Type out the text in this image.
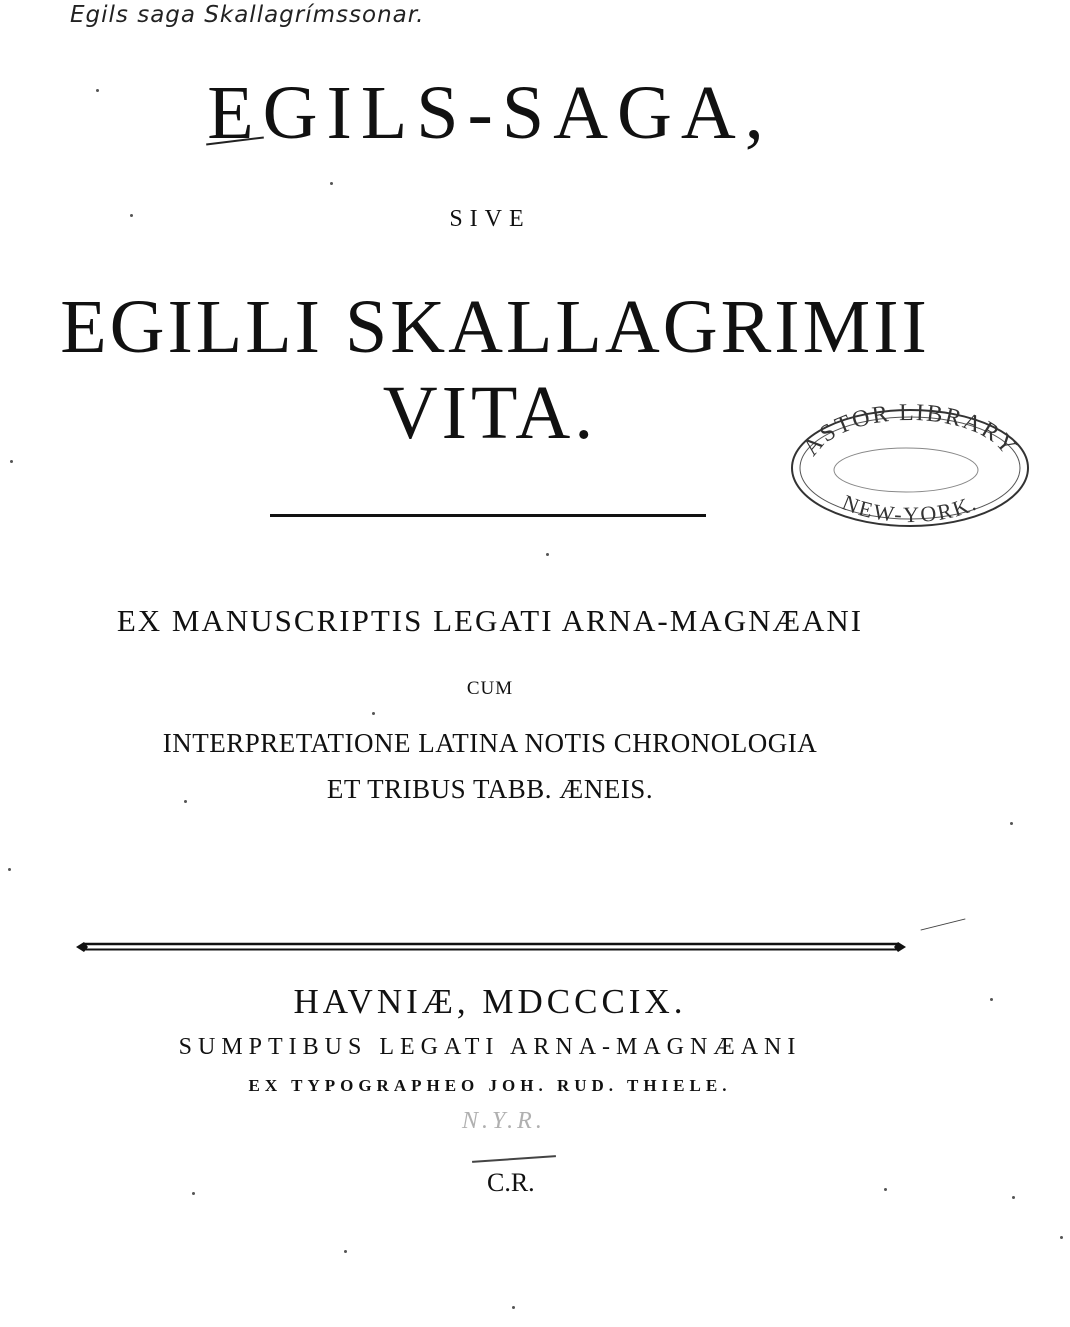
Egils saga Skallagrímssonar.
EGILS-SAGA,
SIVE
EGILLI SKALLAGRIMII
VITA.	ASTOR LIBRARY
NEW-YORK.
EX MANUSCRIPTIS LEGATI ARNA-MAGNÆANI
CUM
INTERPRETATIONE LATINA NOTIS CHRONOLOGIA
ET TRIBUS TABB. ÆNEIS.
HAVNIÆ, MDCCCIX.
SUMPTIBUS LEGATI ARNA-MAGNÆANI
EX TYPOGRAPHEO JOH. RUD. THIELE.
N.Y.R.
C.R.
